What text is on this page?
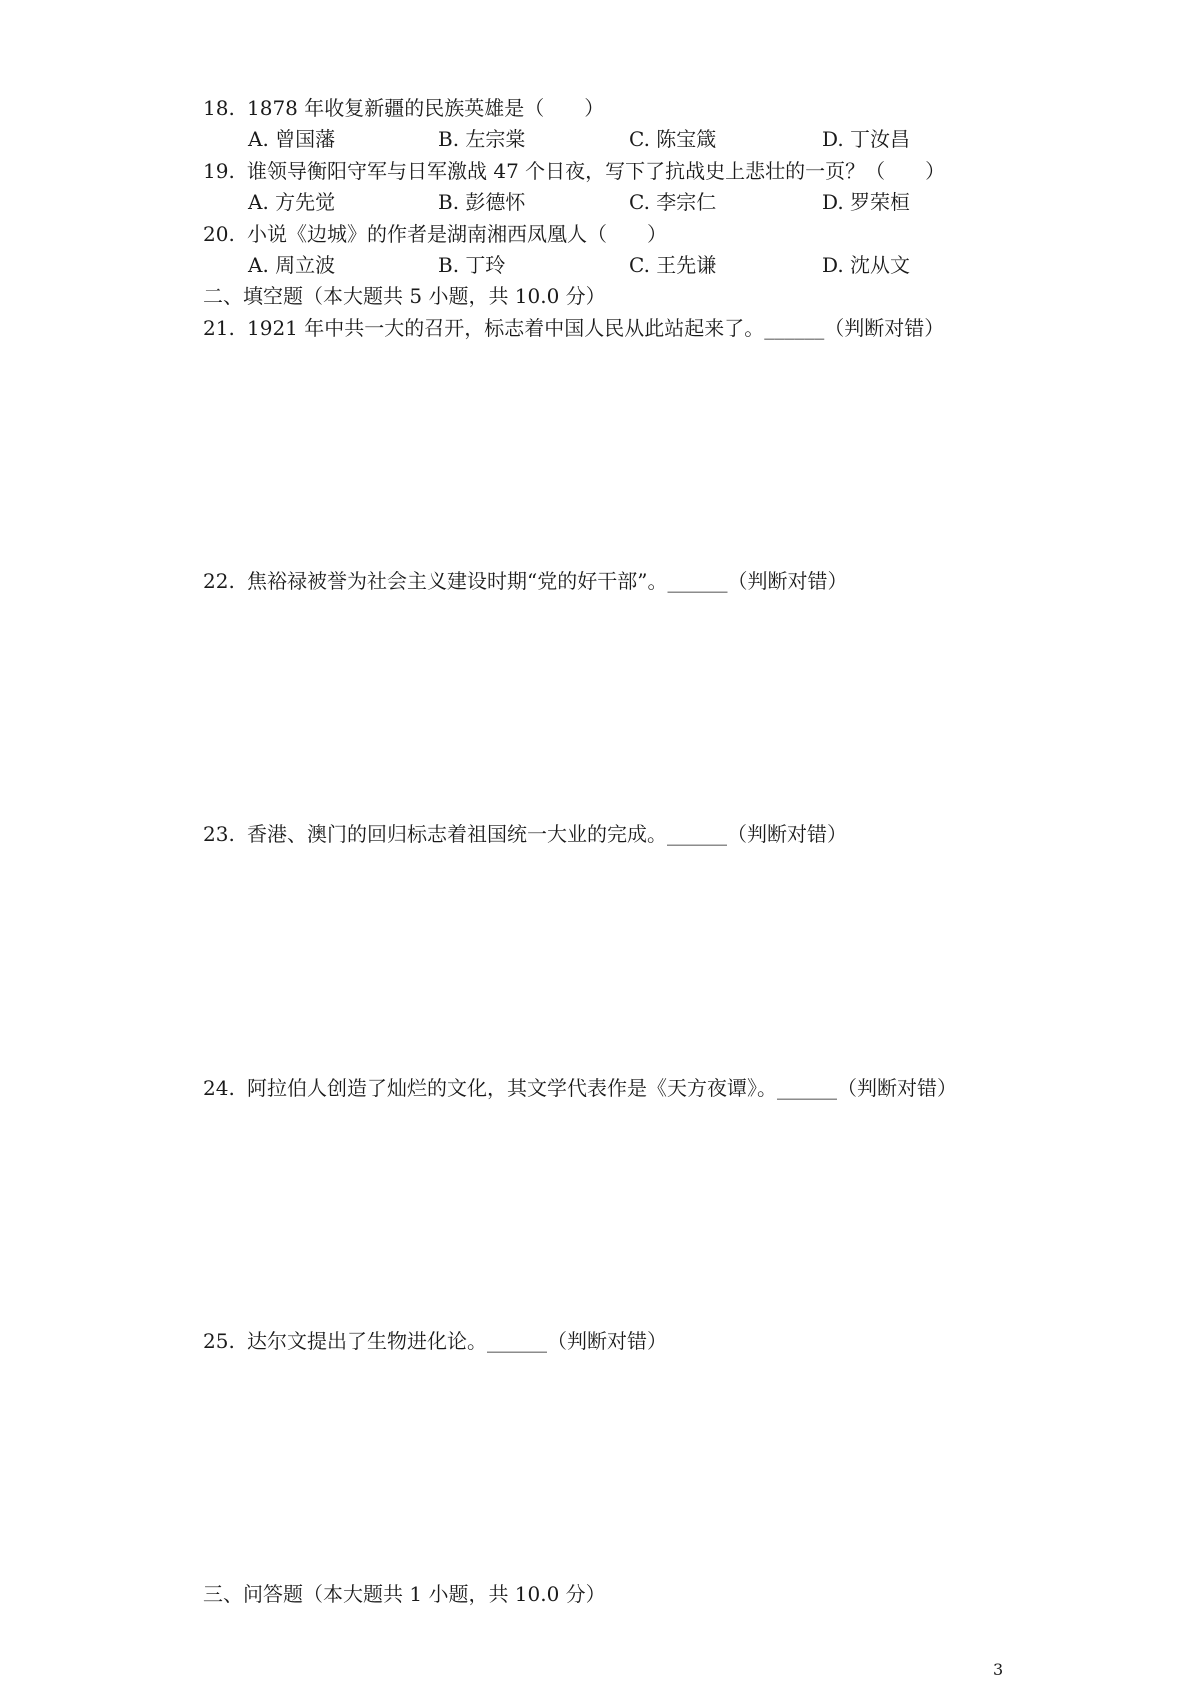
18. 1878 年收复新疆的民族英雄是（　　）
A. 曾国藩	B. 左宗棠	C. 陈宝箴	D. 丁汝昌
19. 谁领导衡阳守军与日军激战 47 个日夜，写下了抗战史上悲壮的一页？（　　）
A. 方先觉	B. 彭德怀	C. 李宗仁	D. 罗荣桓
20. 小说《边城》的作者是湖南湘西凤凰人（　　）
A. 周立波	B. 丁玲	C. 王先谦	D. 沈从文
二、填空题（本大题共 5 小题，共 10.0 分）
21. 1921 年中共一大的召开，标志着中国人民从此站起来了。______（判断对错）
22. 焦裕禄被誉为社会主义建设时期“党的好干部”。______（判断对错）
23. 香港、澳门的回归标志着祖国统一大业的完成。______（判断对错）
24. 阿拉伯人创造了灿烂的文化，其文学代表作是《天方夜谭》。______（判断对错）
25. 达尔文提出了生物进化论。______（判断对错）
三、问答题（本大题共 1 小题，共 10.0 分）
3
